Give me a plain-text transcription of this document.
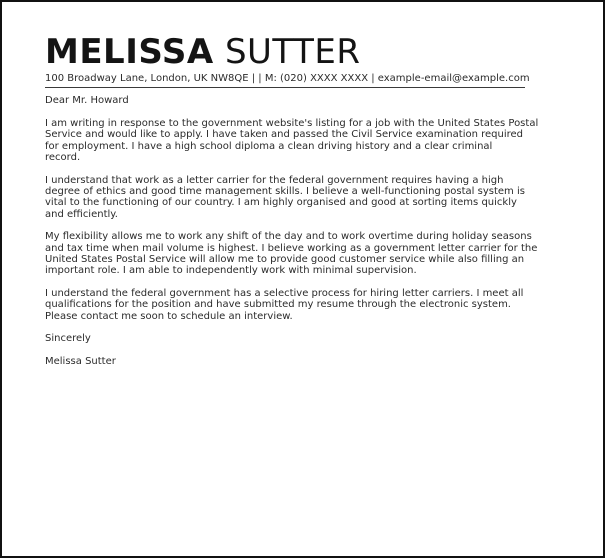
MELISSA SUTTER
100 Broadway Lane, London, UK NW8QE | | M: (020) XXXX XXXX | example-email@example.com
Dear Mr. Howard
I am writing in response to the government website's listing for a job with the United States Postal
Service and would like to apply. I have taken and passed the Civil Service examination required
for employment. I have a high school diploma a clean driving history and a clear criminal
record.
I understand that work as a letter carrier for the federal government requires having a high
degree of ethics and good time management skills. I believe a well-functioning postal system is
vital to the functioning of our country. I am highly organised and good at sorting items quickly
and efficiently.
My flexibility allows me to work any shift of the day and to work overtime during holiday seasons
and tax time when mail volume is highest. I believe working as a government letter carrier for the
United States Postal Service will allow me to provide good customer service while also filling an
important role. I am able to independently work with minimal supervision.
I understand the federal government has a selective process for hiring letter carriers. I meet all
qualifications for the position and have submitted my resume through the electronic system.
Please contact me soon to schedule an interview.
Sincerely
Melissa Sutter
